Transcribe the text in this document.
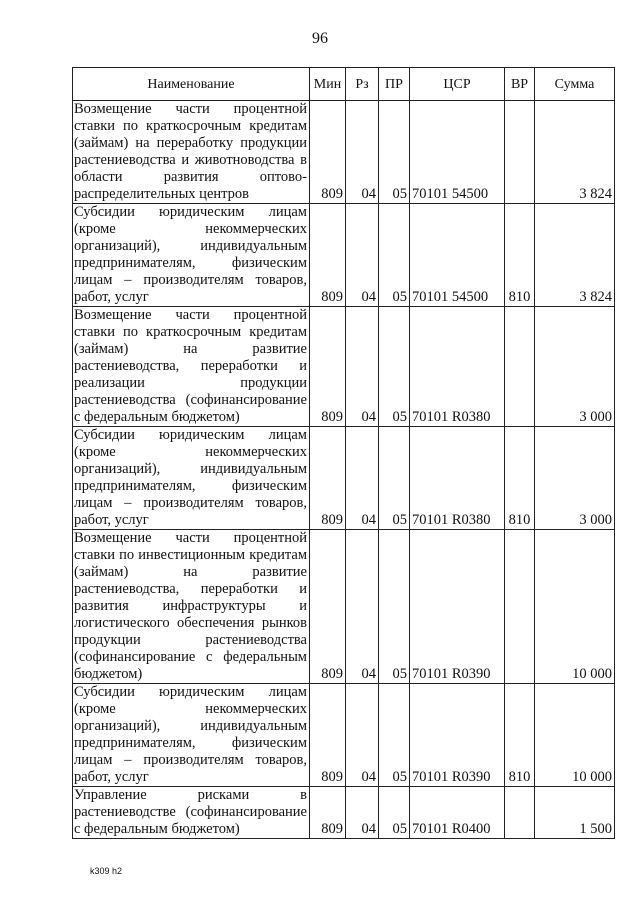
96
Наименование	Мин	Рз	ПР	ЦСР	ВР	Сумма
Возмещение части процентной ставки по краткосрочным кредитам (займам) на переработку продукции растениеводства и животноводства в области развития оптово-распределительных центров	809	04	05	70101 54500		3 824
Субсидии юридическим лицам (кроме некоммерческих организаций), индивидуальным предпринимателям, физическим лицам – производителям товаров, работ, услуг	809	04	05	70101 54500	810	3 824
Возмещение части процентной ставки по краткосрочным кредитам (займам) на развитие растениеводства, переработки и реализации продукции растениеводства (софинансирование с федеральным бюджетом)	809	04	05	70101 R0380		3 000
Субсидии юридическим лицам (кроме некоммерческих организаций), индивидуальным предпринимателям, физическим лицам – производителям товаров, работ, услуг	809	04	05	70101 R0380	810	3 000
Возмещение части процентной ставки по инвестиционным кредитам (займам) на развитие растениеводства, переработки и развития инфраструктуры и логистического обеспечения рынков продукции растениеводства (софинансирование с федеральным бюджетом)	809	04	05	70101 R0390		10 000
Субсидии юридическим лицам (кроме некоммерческих организаций), индивидуальным предпринимателям, физическим лицам – производителям товаров, работ, услуг	809	04	05	70101 R0390	810	10 000
Управление рисками в растениеводстве (софинансирование с федеральным бюджетом)	809	04	05	70101 R0400		1 500
k309 h2
